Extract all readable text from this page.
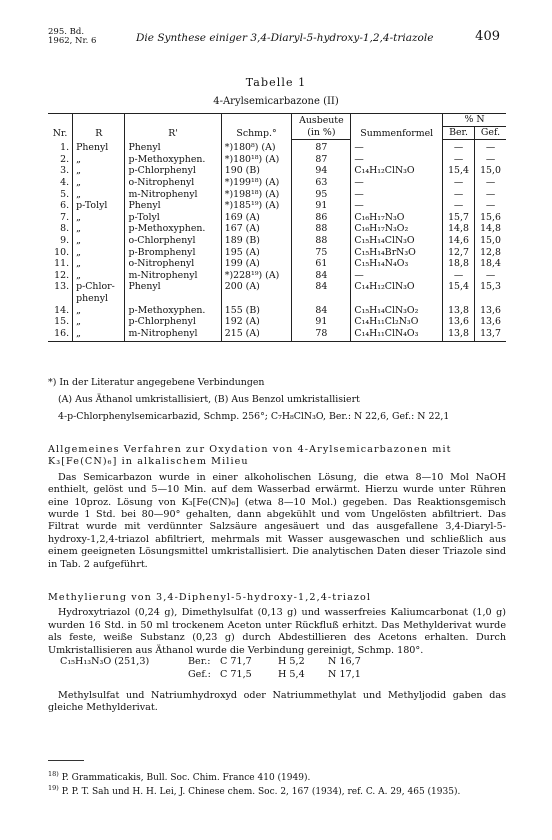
295. Bd.
1962, Nr. 6	Die Synthese einiger 3,4-Diaryl-5-hydroxy-1,2,4-triazole	409
Tabelle 1
4-Arylsemicarbazone (II)
Nr.	R	R'	Schmp.°	Ausbeute	Summenformel	% N	
				(in %)		Ber.	Gef.
1.	Phenyl	Phenyl	*)180⁸) (A)	87	—	—	—
2.	„	p-Methoxyphen.	*)180¹⁸) (A)	87	—	—	—
3.	„	p-Chlorphenyl	190 (B)	94	C₁₄H₁₂ClN₃O	15,4	15,0
4.	„	o-Nitrophenyl	*)199¹⁸) (A)	63	—	—	—
5.	„	m-Nitrophenyl	*)198¹⁸) (A)	95	—	—	—
6.	p-Tolyl	Phenyl	*)185¹⁹) (A)	91	—	—	—
7.	„	p-Tolyl	169 (A)	86	C₁₆H₁₇N₃O	15,7	15,6
8.	„	p-Methoxyphen.	167 (A)	88	C₁₆H₁₇N₃O₂	14,8	14,8
9.	„	o-Chlorphenyl	189 (B)	88	C₁₅H₁₄ClN₃O	14,6	15,0
10.	„	p-Bromphenyl	195 (A)	75	C₁₅H₁₄BrN₃O	12,7	12,8
11.	„	o-Nitrophenyl	199 (A)	61	C₁₅H₁₄N₄O₃	18,8	18,4
12.	„	m-Nitrophenyl	*)228¹⁹) (A)	84	—	—	—
13.	p-Chlor-	Phenyl	200 (A)	84	C₁₄H₁₂ClN₃O	15,4	15,3
	phenyl						
14.	„	p-Methoxyphen.	155 (B)	84	C₁₅H₁₄ClN₃O₂	13,8	13,6
15.	„	p-Chlorphenyl	192 (A)	91	C₁₄H₁₁Cl₂N₃O	13,6	13,6
16.	„	m-Nitrophenyl	215 (A)	78	C₁₄H₁₁ClN₄O₃	13,8	13,7
*) In der Literatur angegebene Verbindungen
(A) Aus Äthanol umkristallisiert, (B) Aus Benzol umkristallisiert
4-p-Chlorphenylsemicarbazid, Schmp. 256°; C₇H₈ClN₃O, Ber.: N 22,6, Gef.: N 22,1
Allgemeines Verfahren zur Oxydation von 4-Arylsemicarbazonen mit
K₃[Fe(CN)₆] in alkalischem Milieu

Das Semicarbazon wurde in einer alkoholischen Lösung, die etwa 8—10 Mol NaOH enthielt, gelöst und 5—10 Min. auf dem Wasserbad erwärmt. Hierzu wurde unter Rühren eine 10proz. Lösung von K₃[Fe(CN)₆] (etwa 8—10 Mol.) gegeben. Das Reaktionsgemisch wurde 1 Std. bei 80—90° gehalten, dann abgekühlt und vom Ungelösten abfiltriert. Das Filtrat wurde mit verdünnter Salzsäure angesäuert und das ausgefallene 3,4-Diaryl-5-hydroxy-1,2,4-triazol abfiltriert, mehrmals mit Wasser ausgewaschen und schließlich aus einem geeigneten Lösungsmittel umkristallisiert. Die analytischen Daten dieser Triazole sind in Tab. 2 aufgeführt.

Methylierung von 3,4-Diphenyl-5-hydroxy-1,2,4-triazol

Hydroxytriazol (0,24 g), Dimethylsulfat (0,13 g) und wasserfreies Kaliumcarbonat (1,0 g) wurden 16 Std. in 50 ml trockenem Aceton unter Rückfluß erhitzt. Das Methylderivat wurde als feste, weiße Substanz (0,23 g) durch Abdestillieren des Acetons erhalten. Durch Umkristallisieren aus Äthanol wurde die Verbindung gereinigt, Schmp. 180°.

C₁₅H₁₃N₃O (251,3)	Ber.: C 71,7	H 5,2 N 16,7
Gef.: C 71,5	H 5,4 N 17,1

Methylsulfat und Natriumhydroxyd oder Natriummethylat und Methyljodid gaben das gleiche Methylderivat.

$^{18)}$ P. Grammaticakis, Bull. Soc. Chim. France 410 (1949).
$^{19)}$ P. P. T. Sah und H. H. Lei, J. Chinese chem. Soc. 2, 167 (1934), ref. C. A. 29, 465 (1935).
